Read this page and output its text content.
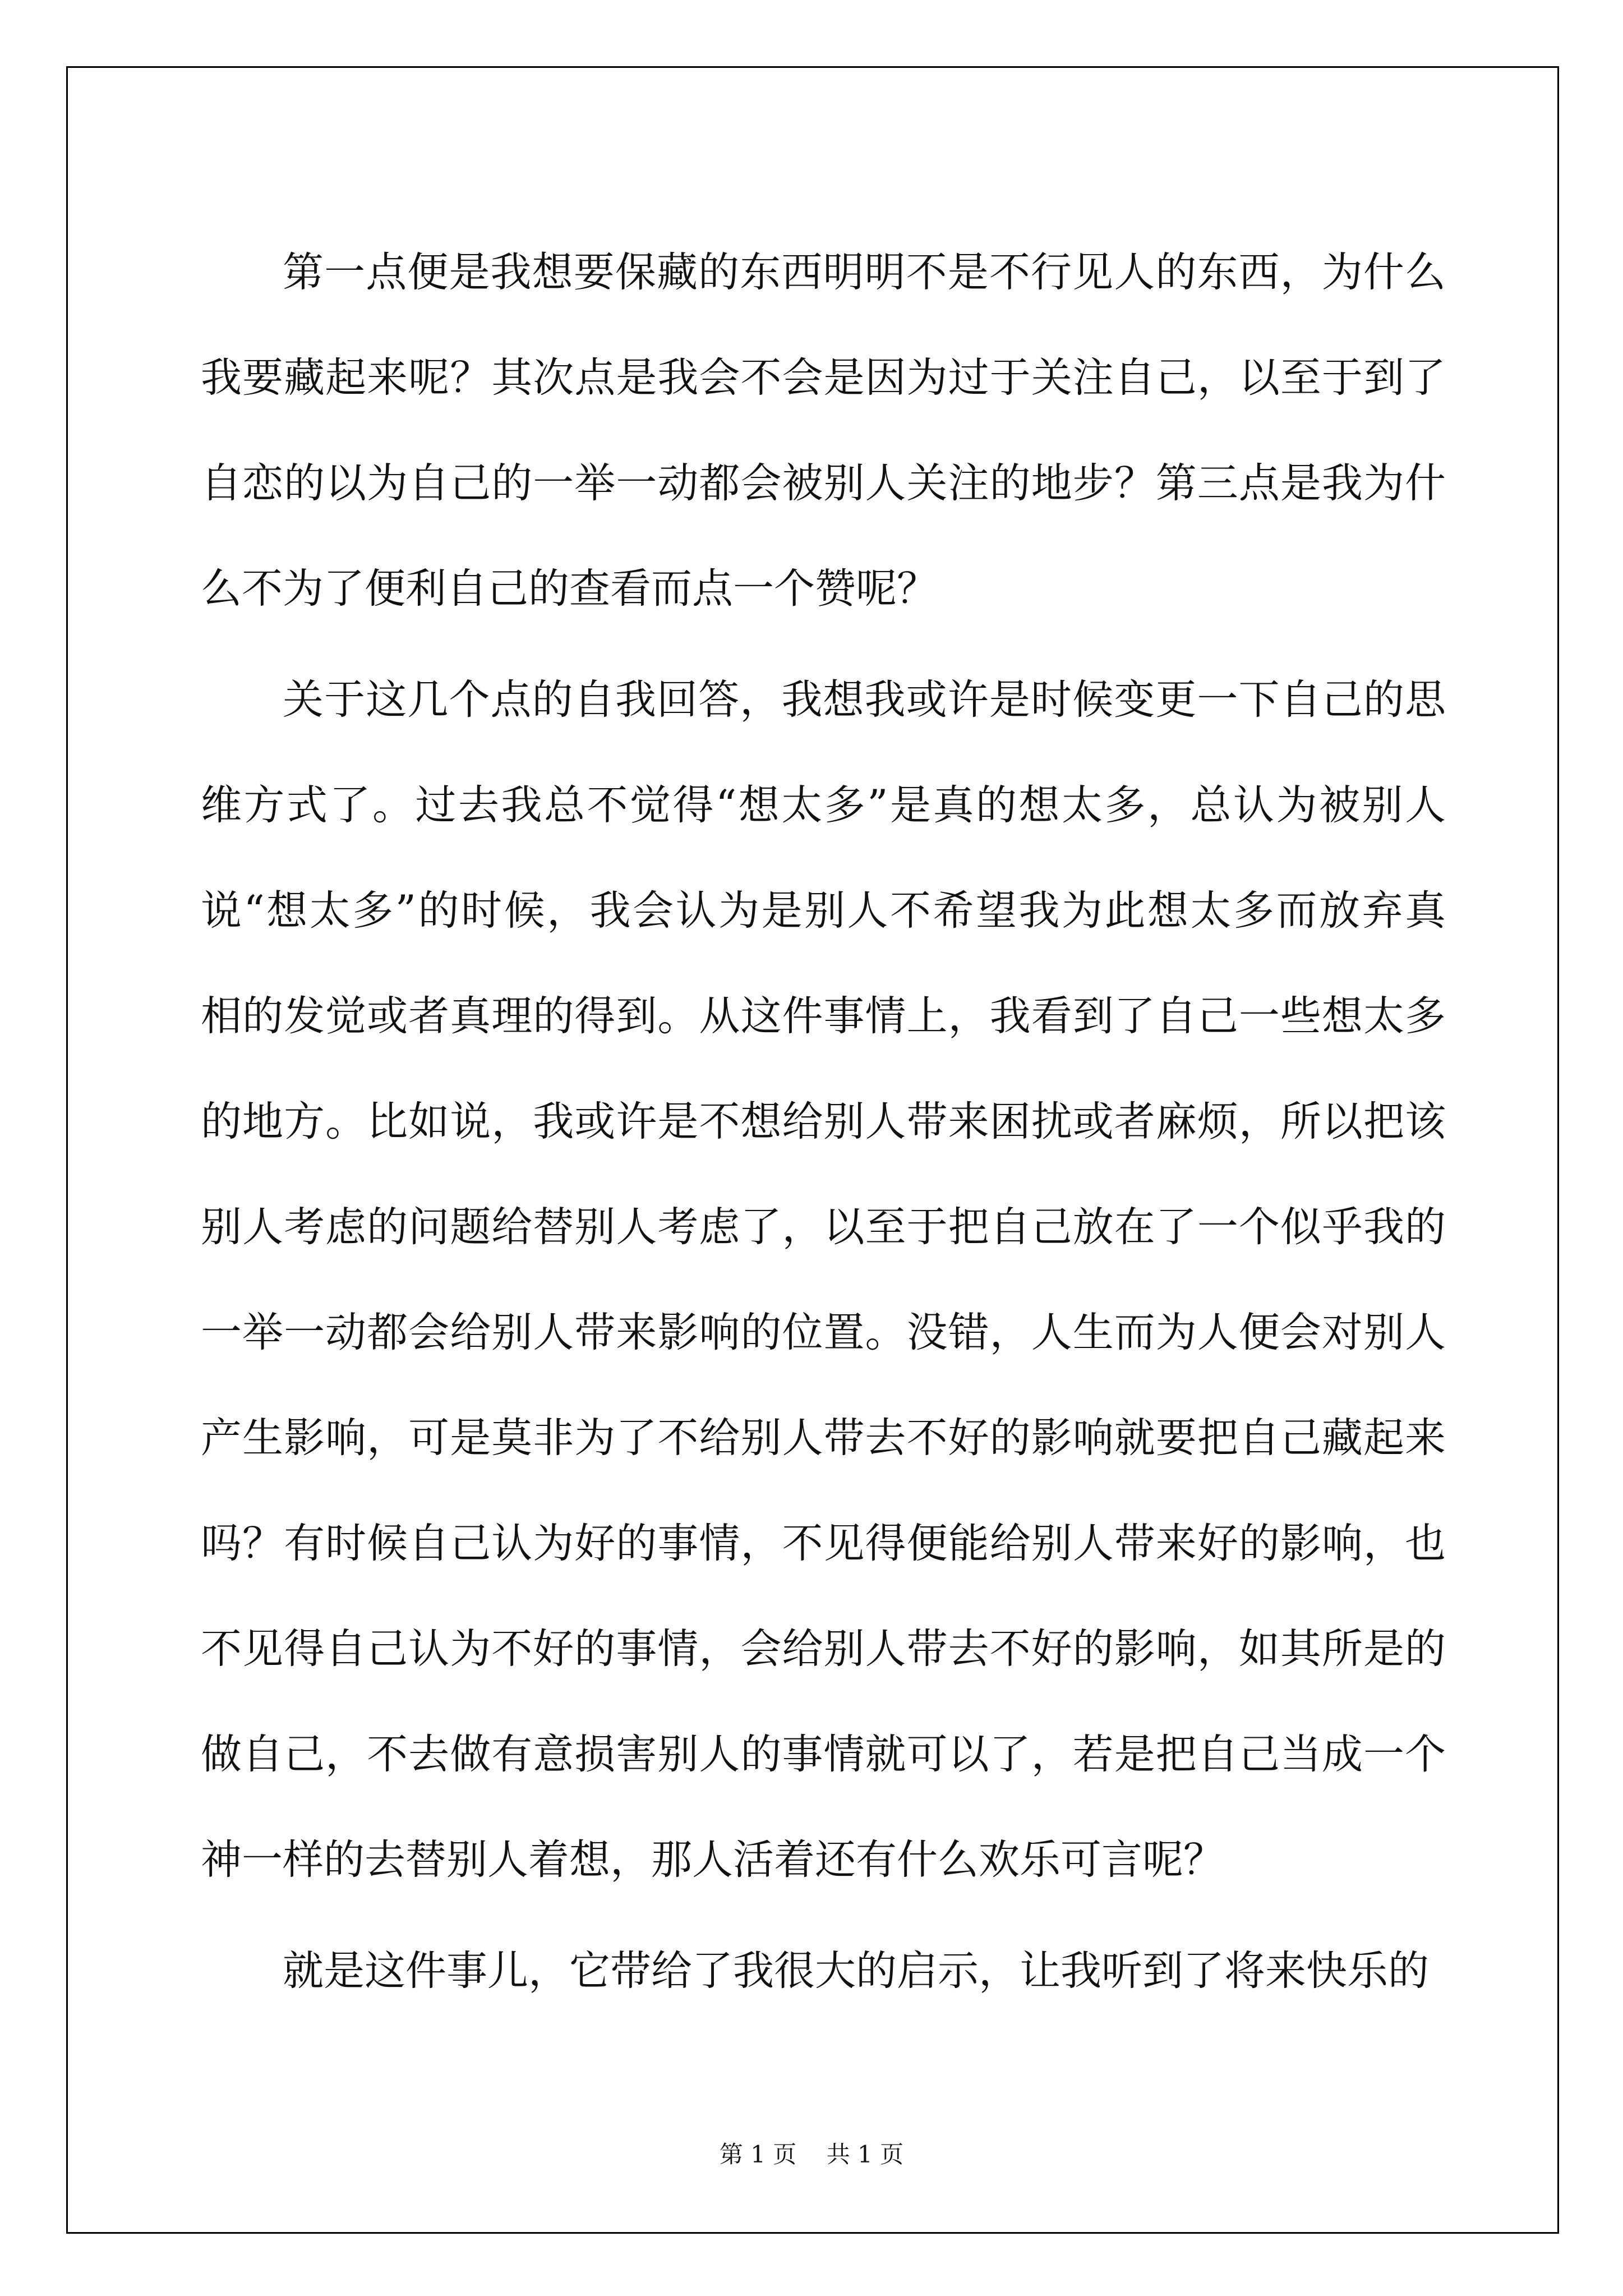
第一点便是我想要保藏的东西明明不是不行见人的东西，为什么
我要藏起来呢？其次点是我会不会是因为过于关注自己，以至于到了
自恋的以为自己的一举一动都会被别人关注的地步？第三点是我为什
么不为了便利自己的查看而点一个赞呢？

关于这几个点的自我回答，我想我或许是时候变更一下自己的思
维方式了。过去我总不觉得“想太多”是真的想太多，总认为被别人
说“想太多”的时候，我会认为是别人不希望我为此想太多而放弃真
相的发觉或者真理的得到。从这件事情上，我看到了自己一些想太多
的地方。比如说，我或许是不想给别人带来困扰或者麻烦，所以把该
别人考虑的问题给替别人考虑了，以至于把自己放在了一个似乎我的
一举一动都会给别人带来影响的位置。没错，人生而为人便会对别人
产生影响，可是莫非为了不给别人带去不好的影响就要把自己藏起来
吗？有时候自己认为好的事情，不见得便能给别人带来好的影响，也
不见得自己认为不好的事情，会给别人带去不好的影响，如其所是的
做自己，不去做有意损害别人的事情就可以了，若是把自己当成一个
神一样的去替别人着想，那人活着还有什么欢乐可言呢？

就是这件事儿，它带给了我很大的启示，让我听到了将来快乐的

第 1 页    共 1 页
